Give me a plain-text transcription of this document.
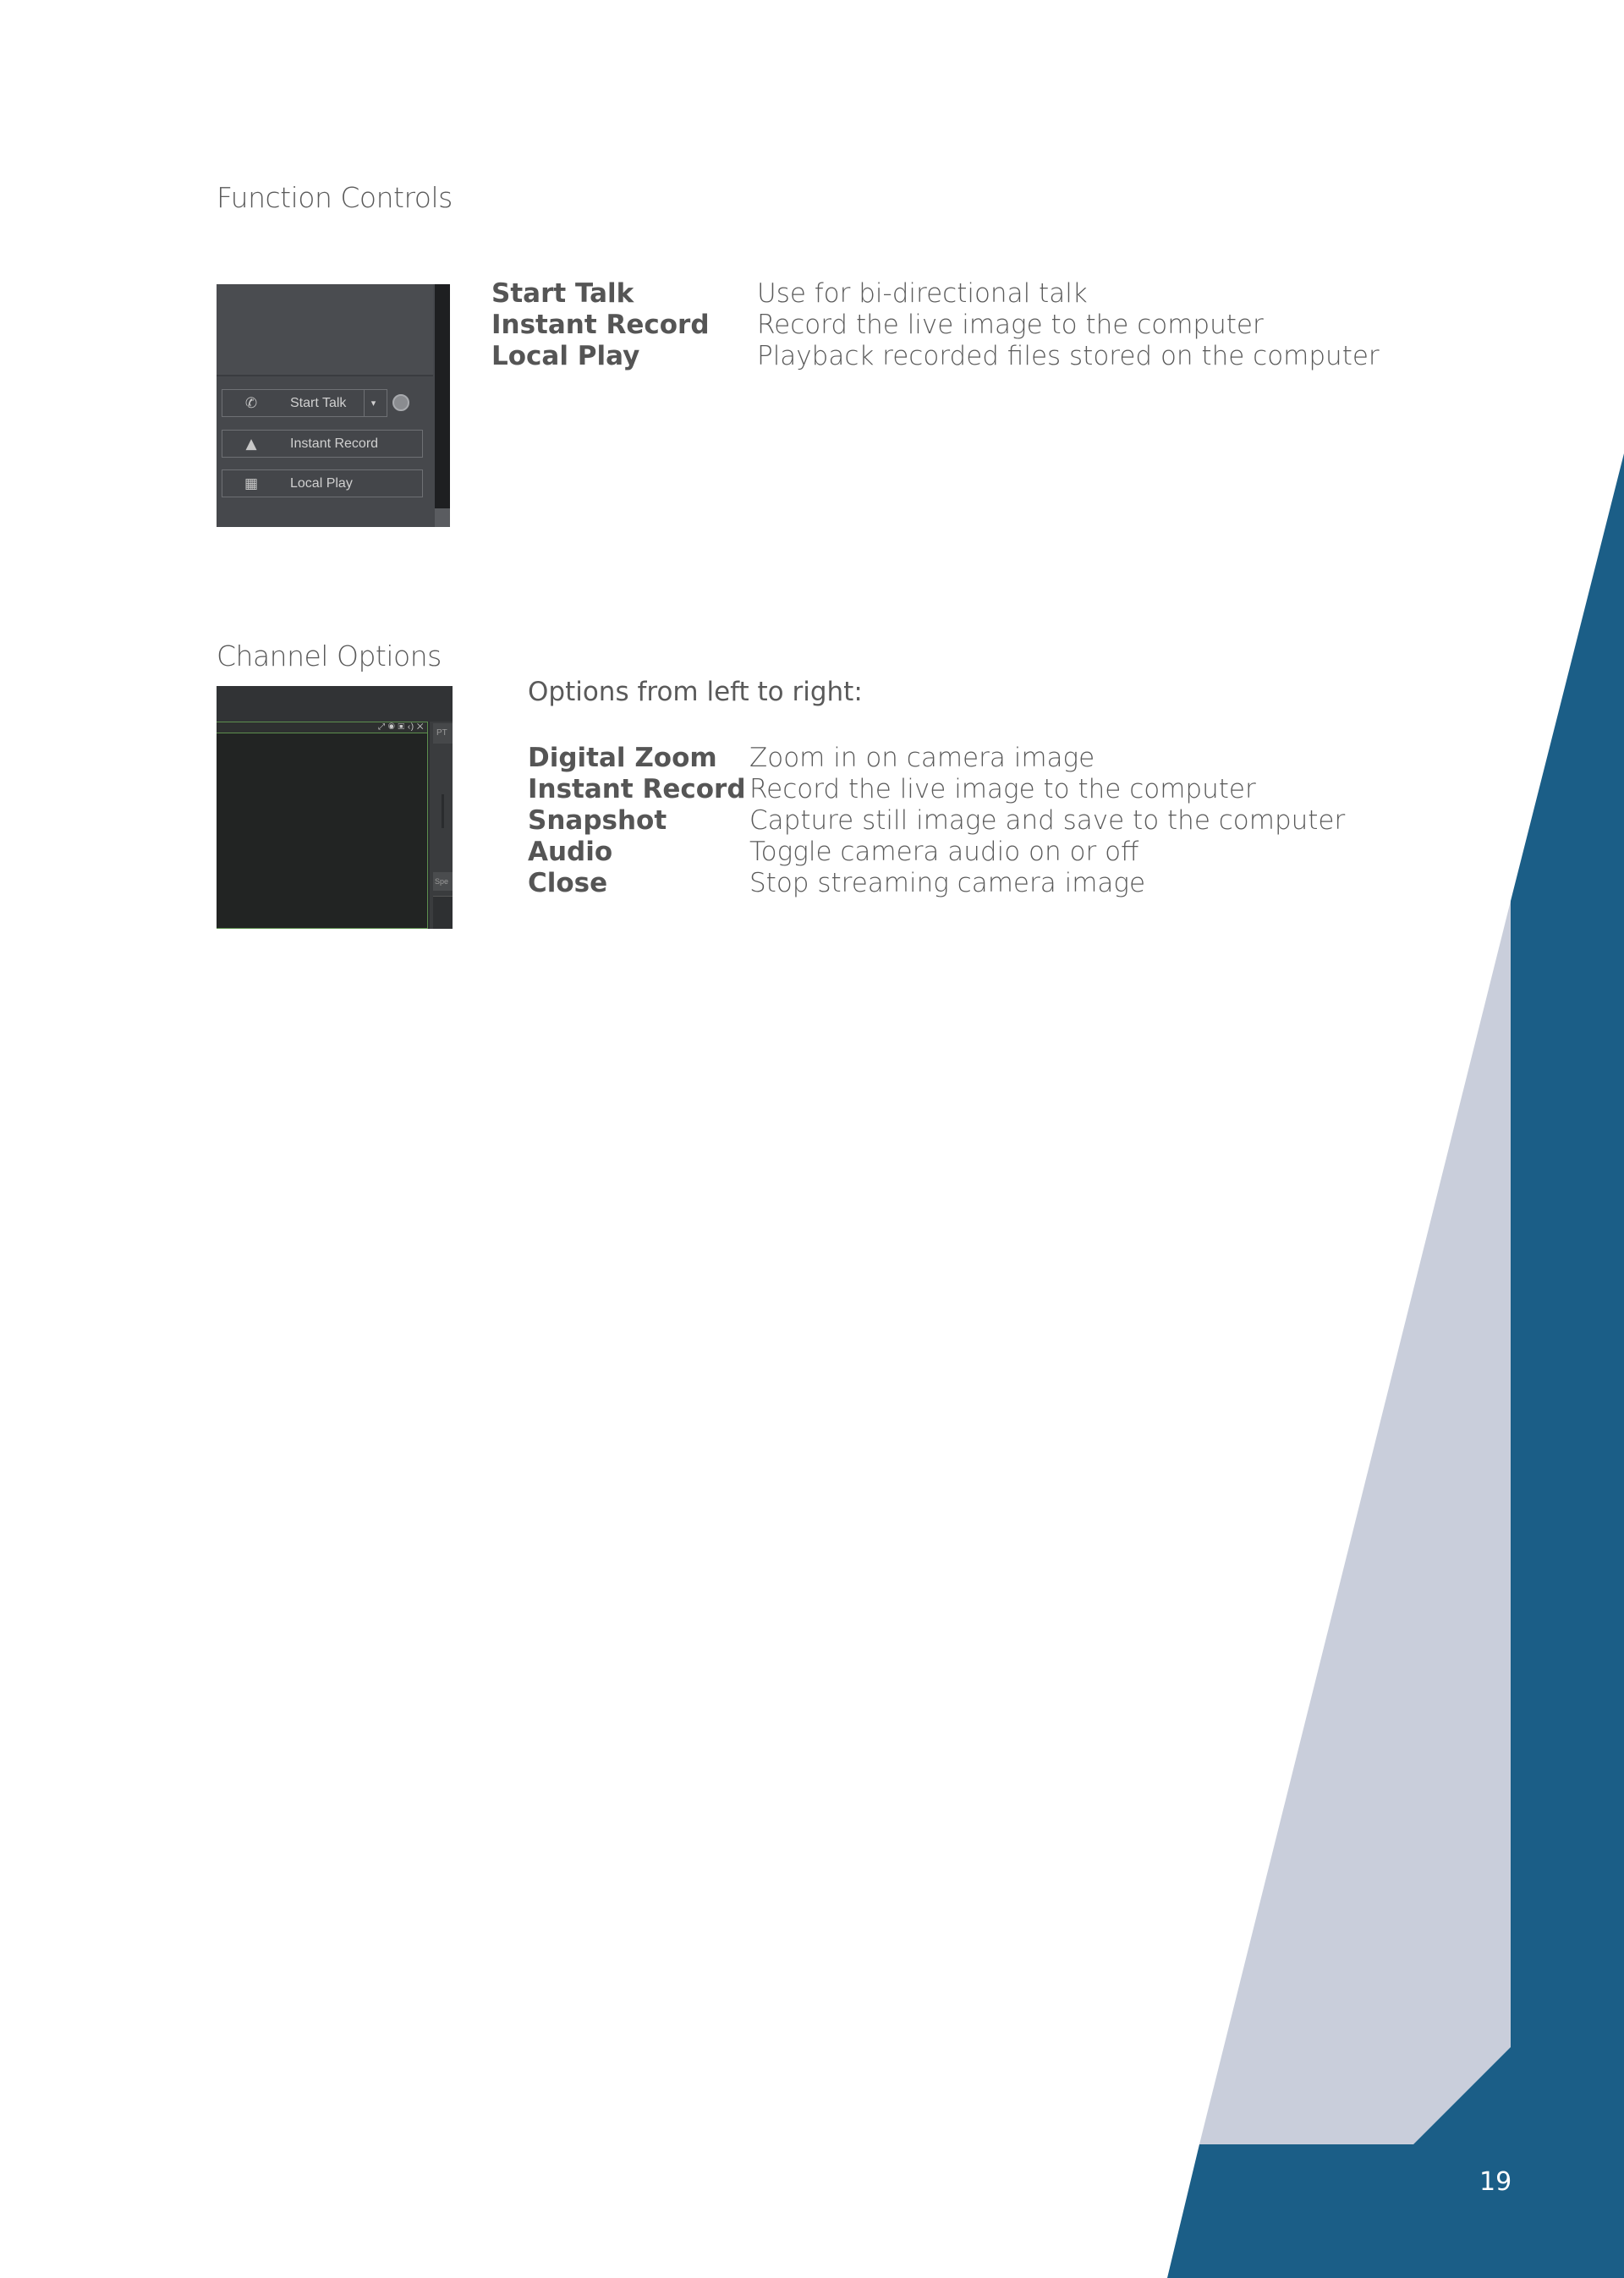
Function Controls
✆ Start Talk	▾
▲ Instant Record
▦ Local Play
Start Talk	Use for bi-directional talk
Instant Record	Record the live image to the computer
Local Play	Playback recorded files stored on the computer
Channel Options
⤢ ◉ ▣ ‹) ✕
PT
Spe

Options from left to right:

Digital Zoom	Zoom in on camera image
Instant Record	Record the live image to the computer
Snapshot	Capture still image and save to the computer
Audio	Toggle camera audio on or off
Close	Stop streaming camera image
19
